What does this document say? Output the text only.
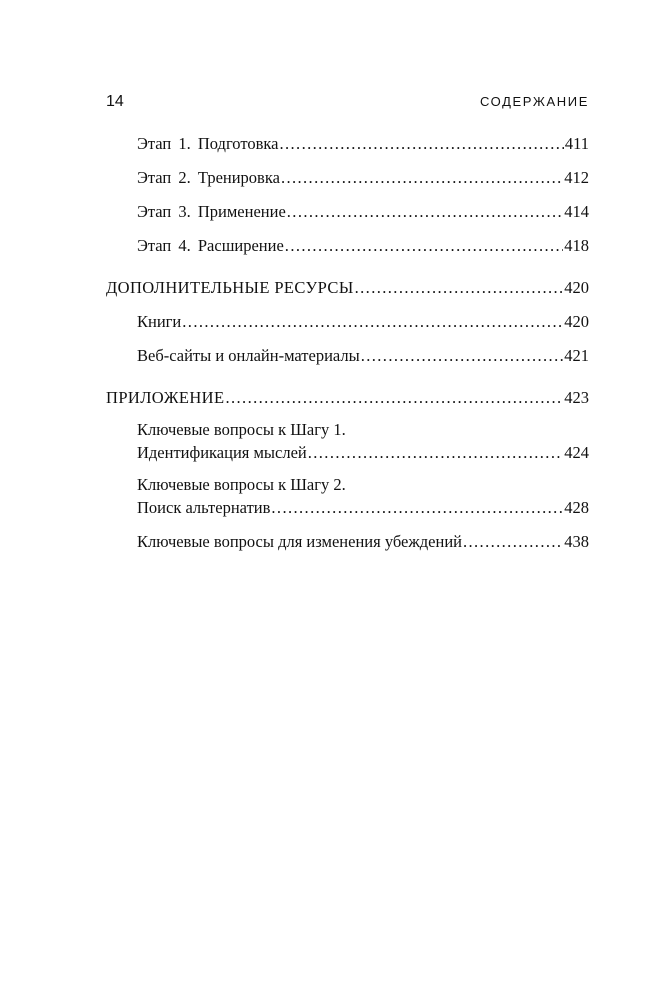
14	СОДЕРЖАНИЕ
Этап 1. Подготовка .....	411
Этап 2. Тренировка .....	412
Этап 3. Применение .....	414
Этап 4. Расширение .....	418
ДОПОЛНИТЕЛЬНЫЕ РЕСУРСЫ .....	420
Книги .....	420
Веб-сайты и онлайн-материалы .....	421
ПРИЛОЖЕНИЕ .....	423
Ключевые вопросы к Шагу 1.
Идентификация мыслей .....	424
Ключевые вопросы к Шагу 2.
Поиск альтернатив .....	428
Ключевые вопросы для изменения убеждений .....	438
